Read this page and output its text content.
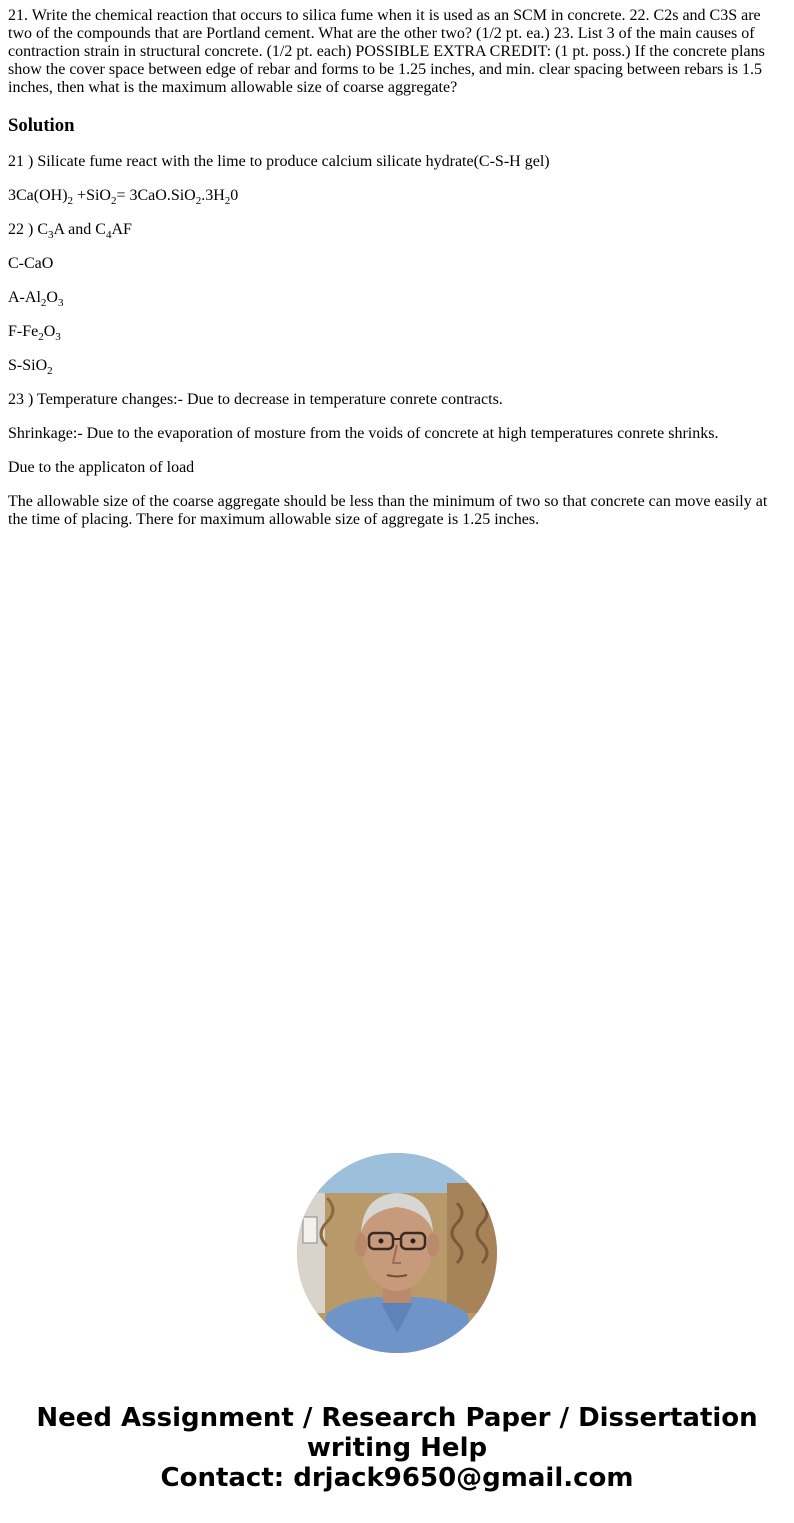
21. Write the chemical reaction that occurs to silica fume when it is used as an SCM in concrete. 22. C2s and C3S are two of the compounds that are Portland cement. What are the other two? (1/2 pt. ea.) 23. List 3 of the main causes of contraction strain in structural concrete. (1/2 pt. each) POSSIBLE EXTRA CREDIT: (1 pt. poss.) If the concrete plans show the cover space between edge of rebar and forms to be 1.25 inches, and min. clear spacing between rebars is 1.5 inches, then what is the maximum allowable size of coarse aggregate?

Solution

21 ) Silicate fume react with the lime to produce calcium silicate hydrate(C-S-H gel)

$3Ca(OH)_2 +SiO_2= 3CaO.SiO_2.3H_20$

22 ) $C_3A$ and $C_4AF$

C-CaO

$A-Al_2O_3$

$F-Fe_2O_3$

S-SiO$_2$

23 ) Temperature changes:- Due to decrease in temperature conrete contracts.

Shrinkage:- Due to the evaporation of mosture from the voids of concrete at high temperatures conrete shrinks.

Due to the applicaton of load

The allowable size of the coarse aggregate should be less than the minimum of two so that concrete can move easily at the time of placing. There for maximum allowable size of aggregate is 1.25 inches.

Need Assignment / Research Paper / Dissertation
writing Help
Contact: drjack9650@gmail.com
